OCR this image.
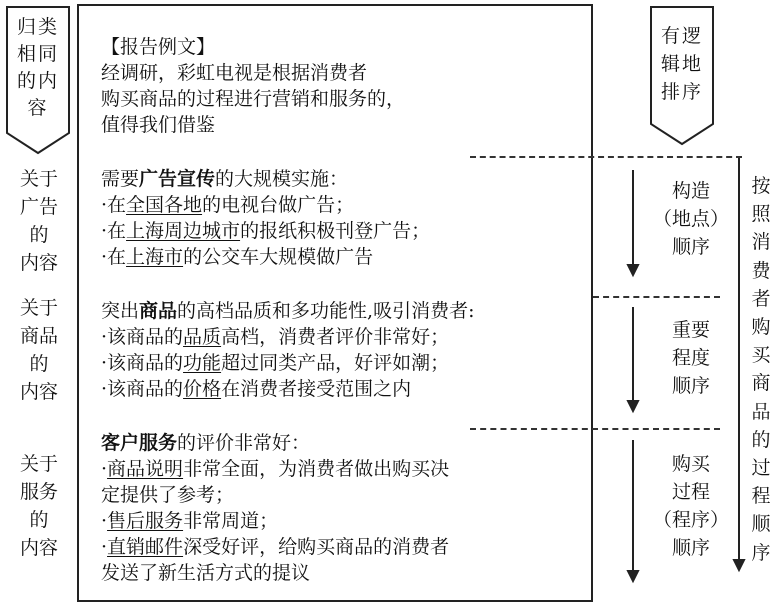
归类
相同
的内
容
有逻
辑地
排序
【报告例文】
经调研，彩虹电视是根据消费者
购买商品的过程进行营销和服务的，
值得我们借鉴
关于
广告
的
内容
需要广告宣传的大规模实施：
·在全国各地的电视台做广告；
·在上海周边城市的报纸积极刊登广告；
·在上海市的公交车大规模做广告
构造
（地点）
顺序
关于
商品
的
内容
突出商品的高档品质和多功能性,吸引消费者:
·该商品的品质高档，消费者评价非常好；
·该商品的功能超过同类产品，好评如潮；
·该商品的价格在消费者接受范围之内
重要
程度
顺序
关于
服务
的
内容
客户服务的评价非常好：
·商品说明非常全面，为消费者做出购买决
定提供了参考；
·售后服务非常周道；
·直销邮件深受好评，给购买商品的消费者
发送了新生活方式的提议
购买
过程
（程序）
顺序
按照消费者购买商品的过程顺序
